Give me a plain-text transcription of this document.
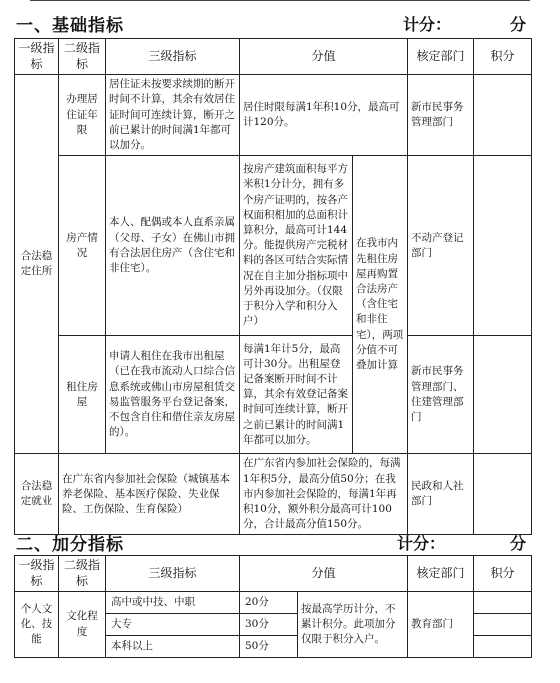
一、基础指标	计分：	分
一级指标	二级指标	三级指标	分值		核定部门	积分
合法稳定住所	办理居住证年限	居住证未按要求续期的断开时间不计算，其余有效居住证时间可连续计算，断开之前已累计的时间满1年都可以加分。	居住时限每满1年积10分，最高可计120分。		新市民事务管理部门	
	房产情况	本人、配偶或本人直系亲属（父母、子女）在佛山市拥有合法居住房产（含住宅和非住宅）。	按房产建筑面积每平方米积1分计分，拥有多个房产证明的，按各产权面积相加的总面积计算积分，最高可计144分。能提供房产完税材料的各区可结合实际情况在自主加分指标项中另外再设加分。（仅限于积分入学和积分入户）	在我市内先租住房屋再购置合法房产（含住宅和非住宅），两项分值不可叠加计算	不动产登记部门	
	租住房屋	申请人租住在我市出租屋（已在我市流动人口综合信息系统或佛山市房屋租赁交易监管服务平台登记备案，不包含自住和借住亲友房屋的）。	每满1年计5分，最高可计30分。出租屋登记备案断开时间不计算，其余有效登记备案时间可连续计算，断开之前已累计的时间满1年都可以加分。		新市民事务管理部门、住建管理部门	
合法稳定就业	在广东省内参加社会保险（城镇基本养老保险、基本医疗保险、失业保险、工伤保险、生育保险）		在广东省内参加社会保险的，每满1年积5分，最高分值50分；在我市内参加社会保险的，每满1年再积10分，额外积分最高可计100分，合计最高分值150分。		民政和人社部门	
二、加分指标	计分：	分
一级指标	二级指标	三级指标	分值		核定部门	积分
个人文化、技能	文化程度	高中或中技、中职	20分	按最高学历计分，不累计积分。此项加分仅限于积分入户。	教育部门	
		大专	30分			
		本科以上	50分			
